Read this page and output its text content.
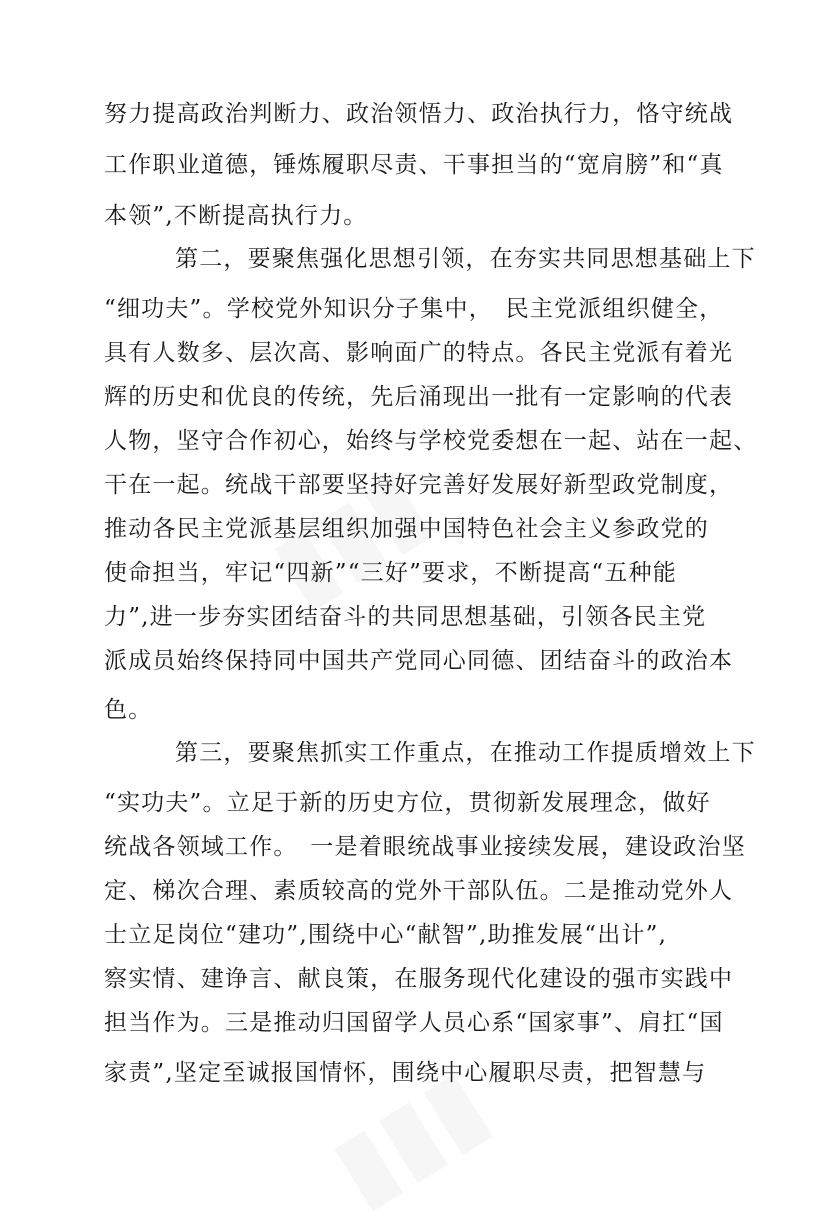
努力提高政治判断力、政治领悟力、政治执行力，恪守统战
工作职业道德，锤炼履职尽责、干事担当的“宽肩膀”和“真
本领”,不断提高执行力。
第二，要聚焦强化思想引领，在夯实共同思想基础上下
“细功夫”。学校党外知识分子集中，　民主党派组织健全，
具有人数多、层次高、影响面广的特点。各民主党派有着光
辉的历史和优良的传统，先后涌现出一批有一定影响的代表
人物，坚守合作初心，始终与学校党委想在一起、站在一起、
干在一起。统战干部要坚持好完善好发展好新型政党制度，
推动各民主党派基层组织加强中国特色社会主义参政党的
使命担当，牢记“四新”“三好”要求，不断提高“五种能
力”,进一步夯实团结奋斗的共同思想基础，引领各民主党
派成员始终保持同中国共产党同心同德、团结奋斗的政治本
色。
第三，要聚焦抓实工作重点，在推动工作提质增效上下
“实功夫”。立足于新的历史方位，贯彻新发展理念，做好
统战各领域工作。　一是着眼统战事业接续发展，建设政治坚
定、梯次合理、素质较高的党外干部队伍。二是推动党外人
士立足岗位“建功”,围绕中心“献智”,助推发展“出计”,
察实情、建诤言、献良策，在服务现代化建设的强市实践中
担当作为。三是推动归国留学人员心系“国家事”、肩扛“国
家责”,坚定至诚报国情怀，围绕中心履职尽责，把智慧与
